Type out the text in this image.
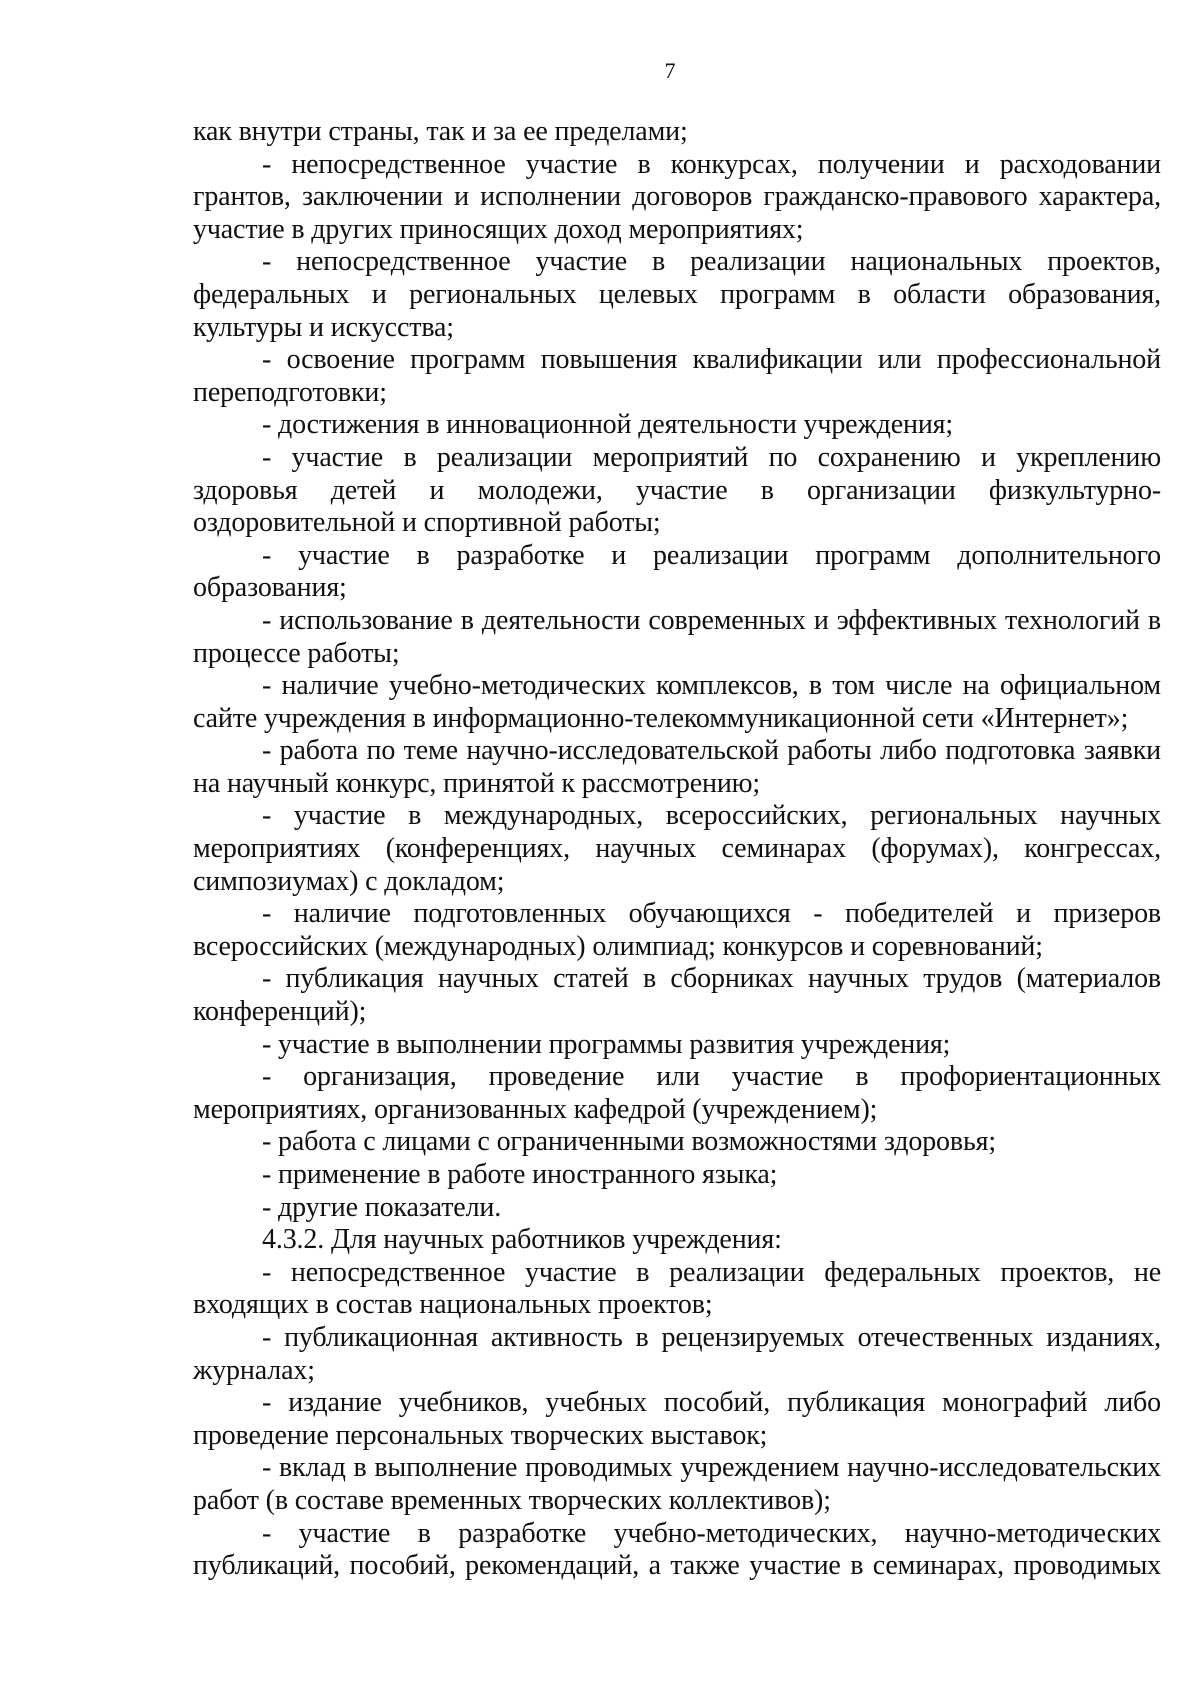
7

как внутри страны, так и за ее пределами;

- непосредственное участие в конкурсах, получении и расходовании грантов, заключении и исполнении договоров гражданско-правового характера, участие в других приносящих доход мероприятиях;

- непосредственное участие в реализации национальных проектов, федеральных и региональных целевых программ в области образования, культуры и искусства;

- освоение программ повышения квалификации или профессиональной переподготовки;

- достижения в инновационной деятельности учреждения;

- участие в реализации мероприятий по сохранению и укреплению здоровья детей и молодежи, участие в организации физкультурно-оздоровительной и спортивной работы;

- участие в разработке и реализации программ дополнительного образования;

- использование в деятельности современных и эффективных технологий в процессе работы;

- наличие учебно-методических комплексов, в том числе на официальном сайте учреждения в информационно-телекоммуникационной сети «Интернет»;

- работа по теме научно-исследовательской работы либо подготовка заявки на научный конкурс, принятой к рассмотрению;

- участие в международных, всероссийских, региональных научных мероприятиях (конференциях, научных семинарах (форумах), конгрессах, симпозиумах) с докладом;

- наличие подготовленных обучающихся - победителей и призеров всероссийских (международных) олимпиад; конкурсов и соревнований;

- публикация научных статей в сборниках научных трудов (материалов конференций);

- участие в выполнении программы развития учреждения;

- организация, проведение или участие в профориентационных мероприятиях, организованных кафедрой (учреждением);

- работа с лицами с ограниченными возможностями здоровья;

- применение в работе иностранного языка;

- другие показатели.

4.3.2. Для научных работников учреждения:

- непосредственное участие в реализации федеральных проектов, не входящих в состав национальных проектов;

- публикационная активность в рецензируемых отечественных изданиях, журналах;

- издание учебников, учебных пособий, публикация монографий либо проведение персональных творческих выставок;

- вклад в выполнение проводимых учреждением научно-исследовательских работ (в составе временных творческих коллективов);

- участие в разработке учебно-методических, научно-методических публикаций, пособий, рекомендаций, а также участие в семинарах, проводимых
